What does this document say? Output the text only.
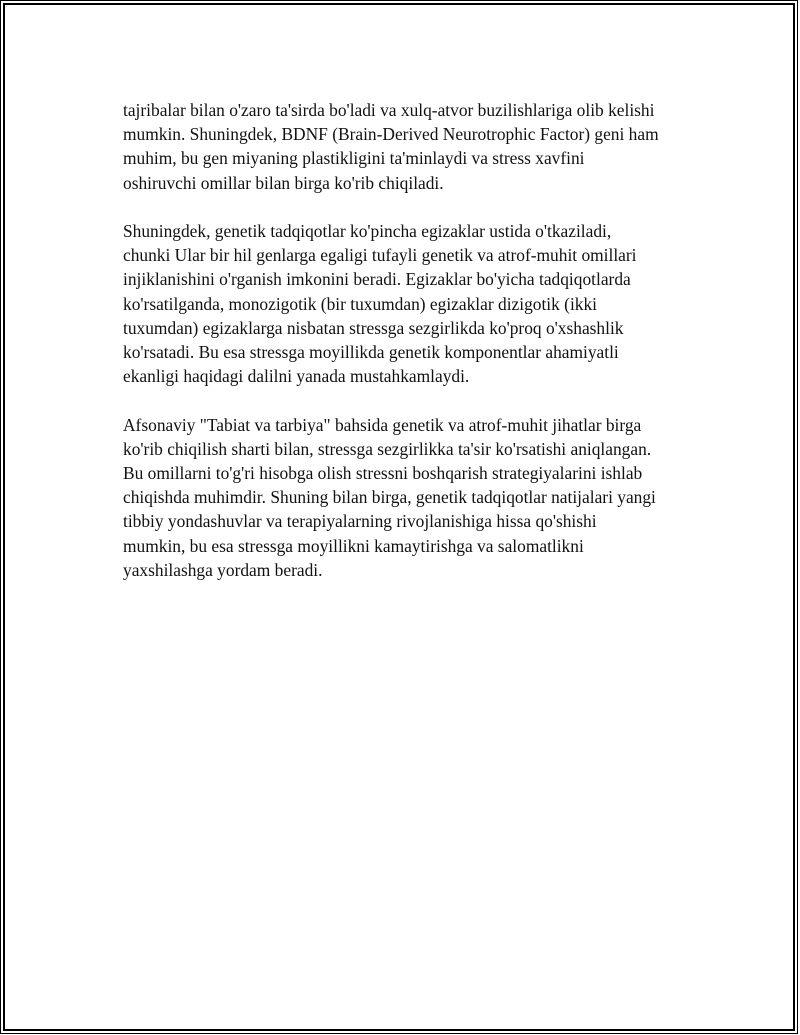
tajribalar bilan o'zaro ta'sirda bo'ladi va xulq-atvor buzilishlariga olib kelishi
mumkin. Shuningdek, BDNF (Brain-Derived Neurotrophic Factor) geni ham
muhim, bu gen miyaning plastikligini ta'minlaydi va stress xavfini
oshiruvchi omillar bilan birga ko'rib chiqiladi.

Shuningdek, genetik tadqiqotlar ko'pincha egizaklar ustida o'tkaziladi,
chunki Ular bir hil genlarga egaligi tufayli genetik va atrof-muhit omillari
injiklanishini o'rganish imkonini beradi. Egizaklar bo'yicha tadqiqotlarda
ko'rsatilganda, monozigotik (bir tuxumdan) egizaklar dizigotik (ikki
tuxumdan) egizaklarga nisbatan stressga sezgirlikda ko'proq o'xshashlik
ko'rsatadi. Bu esa stressga moyillikda genetik komponentlar ahamiyatli
ekanligi haqidagi dalilni yanada mustahkamlaydi.

Afsonaviy "Tabiat va tarbiya" bahsida genetik va atrof-muhit jihatlar birga
ko'rib chiqilish sharti bilan, stressga sezgirlikka ta'sir ko'rsatishi aniqlangan.
Bu omillarni to'g'ri hisobga olish stressni boshqarish strategiyalarini ishlab
chiqishda muhimdir. Shuning bilan birga, genetik tadqiqotlar natijalari yangi
tibbiy yondashuvlar va terapiyalarning rivojlanishiga hissa qo'shishi
mumkin, bu esa stressga moyillikni kamaytirishga va salomatlikni
yaxshilashga yordam beradi.
